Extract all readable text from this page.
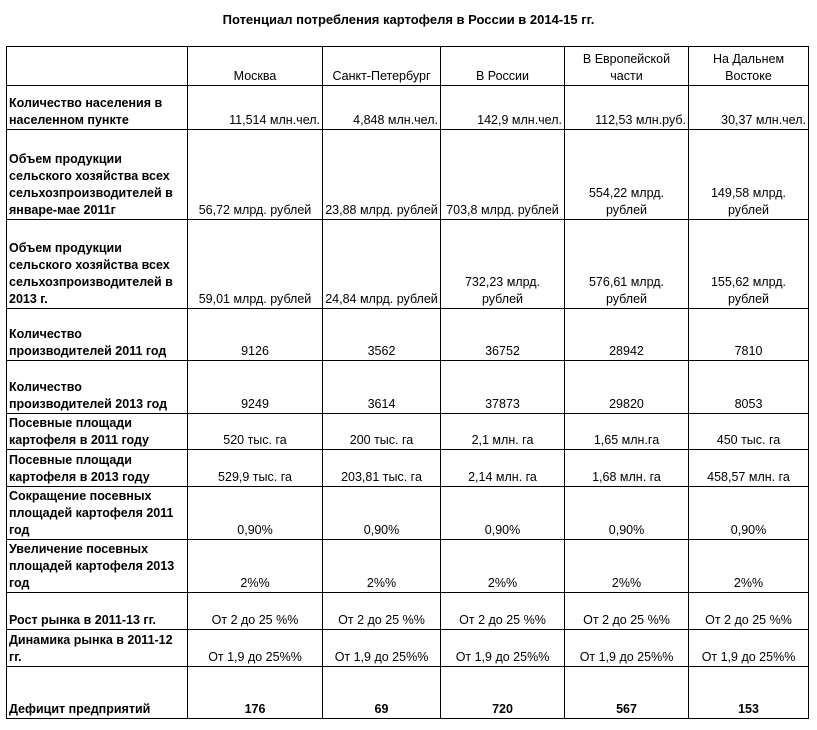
Потенциал потребления картофеля в России в 2014-15 гг.
	Москва	Санкт-Петербург	В России	В Европейской части	На Дальнем Востоке
Количество населения в населенном пункте	11,514 млн.чел.	4,848 млн.чел.	142,9 млн.чел.	112,53 млн.руб.	30,37 млн.чел.
Объем продукции сельского хозяйства всех сельхозпроизводителей в январе-мае 2011г	56,72 млрд. рублей	23,88 млрд. рублей	703,8 млрд. рублей	554,22 млрд. рублей	149,58 млрд. рублей
Объем продукции сельского хозяйства всех сельхозпроизводителей в 2013 г.	59,01 млрд. рублей	24,84 млрд. рублей	732,23 млрд. рублей	576,61 млрд. рублей	155,62 млрд. рублей
Количество производителей 2011 год	9126	3562	36752	28942	7810
Количество производителей 2013 год	9249	3614	37873	29820	8053
Посевные площади картофеля в 2011 году	520 тыс. га	200 тыс. га	2,1 млн. га	1,65 млн.га	450 тыс. га
Посевные площади картофеля в 2013 году	529,9 тыс. га	203,81 тыс. га	2,14 млн. га	1,68 млн. га	458,57 млн. га
Сокращение посевных площадей картофеля 2011 год	0,90%	0,90%	0,90%	0,90%	0,90%
Увеличение посевных площадей картофеля 2013 год	2%%	2%%	2%%	2%%	2%%
Рост рынка в 2011-13 гг.	От 2 до 25 %%	От 2 до 25 %%	От 2 до 25 %%	От 2 до 25 %%	От 2 до 25 %%
Динамика рынка в 2011-12 гг.	От 1,9 до 25%%	От 1,9 до 25%%	От 1,9 до 25%%	От 1,9 до 25%%	От 1,9 до 25%%
Дефицит предприятий	176	69	720	567	153
